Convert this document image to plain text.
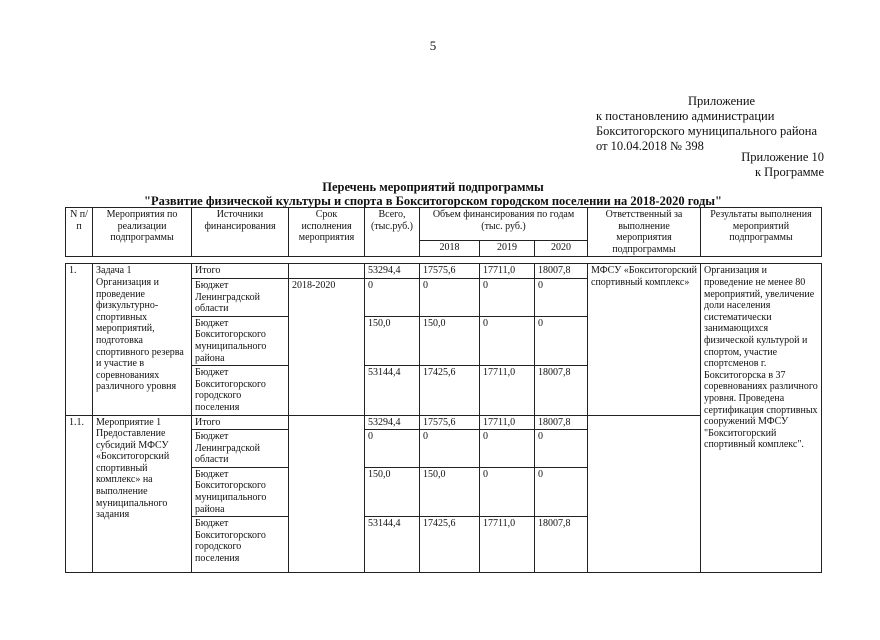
5
Приложение
к постановлению администрации
Бокситогорского муниципального района
от 10.04.2018 № 398
Приложение 10
к Программе
Перечень мероприятий подпрограммы
"Развитие физической культуры и спорта в Бокситогорском городском поселении на 2018-2020 годы"
N п/п	Мероприятия по реализации подпрограммы	Источники финансирования	Срок исполнения мероприятия	Всего, (тыс.руб.)	Объем финансирования по годам (тыс. руб.)			Ответственный за выполнение мероприятия подпрограммы	Результаты выполнения мероприятий подпрограммы
					2018	2019	2020		

1.	Задача 1
Организация и проведение физкультурно-спортивных мероприятий, подготовка спортивного резерва и участие в соревнованиях различного уровня	Итого		53294,4	17575,6	17711,0	18007,8	МФСУ «Бокситогорский спортивный комплекс»	Организация и проведение не менее 80 мероприятий, увеличение доли населения систематически занимающихся физической культурой и спортом, участие спортсменов г. Бокситогорска в 37 соревнованиях различного уровня. Проведена сертификация спортивных сооружений МФСУ "Бокситогорский спортивный комплекс".
		Бюджет Ленинградской области	2018-2020	0	0	0	0		
		Бюджет Бокситогорского муниципального района		150,0	150,0	0	0		
		Бюджет Бокситогорского городского поселения		53144,4	17425,6	17711,0	18007,8		
1.1.	Мероприятие 1 Предоставление субсидий МФСУ «Бокситогорский спортивный комплекс» на выполнение муниципального задания	Итого		53294,4	17575,6	17711,0	18007,8		
		Бюджет Ленинградской области		0	0	0	0		
		Бюджет Бокситогорского муниципального района		150,0	150,0	0	0		
		Бюджет Бокситогорского городского поселения		53144,4	17425,6	17711,0	18007,8		
